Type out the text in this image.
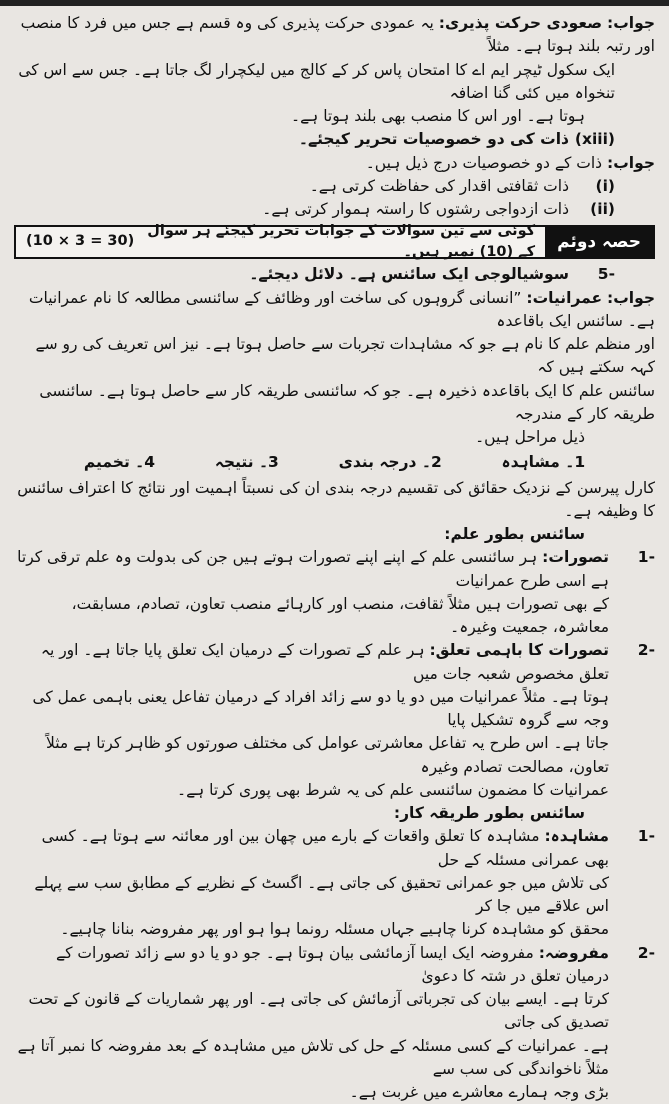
جواب: صعودی حرکت پذیری: یہ عمودی حرکت پذیری کی وہ قسم ہے جس میں فرد کا منصب اور رتبہ بلند ہوتا ہے۔ مثلاً

ایک سکول ٹیچر ایم اے کا امتحان پاس کر کے کالج میں لیکچرار لگ جاتا ہے۔ جس سے اس کی تنخواہ میں کئی گنا اضافہ

ہوتا ہے۔ اور اس کا منصب بھی بلند ہوتا ہے۔

(xiii)
ذات کی دو خصوصیات تحریر کیجئے۔

جواب: ذات کے دو خصوصیات درج ذیل ہیں۔

(i)
ذات ثقافتی اقدار کی حفاظت کرتی ہے۔
(ii)
ذات ازدواجی رشتوں کا راستہ ہموار کرتی ہے۔
حصہ دوئم
کوئی سے تین سوالات کے جوابات تحریر کیجئے ہر سوال کے (10) نمبر ہیں۔
(10 × 3 = 30)
-5
سوشیالوجی ایک سائنس ہے۔ دلائل دیجئے۔

جواب: عمرانیات: ”انسانی گروہوں کی ساخت اور وظائف کے سائنسی مطالعہ کا نام عمرانیات ہے۔ سائنس ایک باقاعدہ

اور منظم علم کا نام ہے جو کہ مشاہدات تجربات سے حاصل ہوتا ہے۔ نیز اس تعریف کی رو سے کہہ سکتے ہیں کہ

سائنس علم کا ایک باقاعدہ ذخیرہ ہے۔ جو کہ سائنسی طریقہ کار سے حاصل ہوتا ہے۔ سائنسی طریقہ کار کے مندرجہ

ذیل مراحل ہیں۔

1۔ مشاہدہ
2۔ درجہ بندی
3۔ نتیجہ
4۔ تخمیم

کارل پیرسن کے نزدیک حقائق کی تقسیم درجہ بندی ان کی نسبتاً اہمیت اور نتائج کا اعتراف سائنس کا وظیفہ ہے۔

سائنس بطور علم:

-1

تصورات: ہر سائنسی علم کے اپنے اپنے تصورات ہوتے ہیں جن کی بدولت وہ علم ترقی کرتا ہے اسی طرح عمرانیات

کے بھی تصورات ہیں مثلاً ثقافت، منصب اور کارہائے منصب تعاون، تصادم، مسابقت، معاشرہ، جمعیت وغیرہ۔

-2

تصورات کا باہمی تعلق: ہر علم کے تصورات کے درمیان ایک تعلق پایا جاتا ہے۔ اور یہ تعلق مخصوص شعبہ جات میں

ہوتا ہے۔ مثلاً عمرانیات میں دو یا دو سے زائد افراد کے درمیان تفاعل یعنی باہمی عمل کی وجہ سے گروہ تشکیل پایا

جاتا ہے۔ اس طرح یہ تفاعل معاشرتی عوامل کی مختلف صورتوں کو ظاہر کرتا ہے مثلاً تعاون، مصالحت تصادم وغیرہ

عمرانیات کا مضمون سائنسی علم کی یہ شرط بھی پوری کرتا ہے۔

سائنس بطور طریقہ کار:

-1

مشاہدہ: مشاہدہ کا تعلق واقعات کے بارے میں چھان بین اور معائنہ سے ہوتا ہے۔ کسی بھی عمرانی مسئلہ کے حل

کی تلاش میں جو عمرانی تحقیق کی جاتی ہے۔ اگسٹ کے نظریے کے مطابق سب سے پہلے اس علاقے میں جا کر

محقق کو مشاہدہ کرنا چاہیے جہاں مسئلہ رونما ہوا ہو اور پھر مفروضہ بنانا چاہیے۔

-2

مفروضہ: مفروضہ ایک ایسا آزمائشی بیان ہوتا ہے۔ جو دو یا دو سے زائد تصورات کے درمیان تعلق در شتہ کا دعویٰ

کرتا ہے۔ ایسے بیان کی تجرباتی آزمائش کی جاتی ہے۔ اور پھر شماریات کے قانون کے تحت تصدیق کی جاتی

ہے۔ عمرانیات کے کسی مسئلہ کے حل کی تلاش میں مشاہدہ کے بعد مفروضہ کا نمبر آتا ہے مثلاً ناخواندگی کی سب سے

بڑی وجہ ہمارے معاشرے میں غربت ہے۔
